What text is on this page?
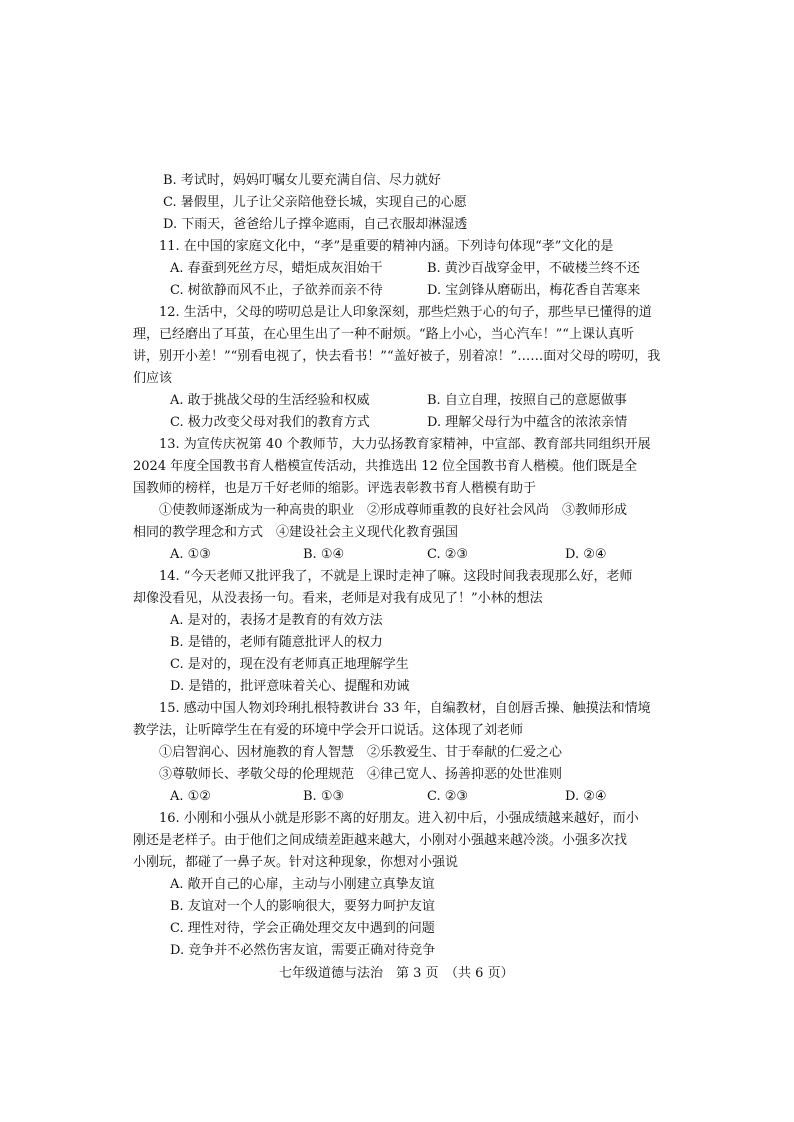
B. 考试时，妈妈叮嘱女儿要充满自信、尽力就好
C. 暑假里，儿子让父亲陪他登长城，实现自己的心愿
D. 下雨天，爸爸给儿子撑伞遮雨，自己衣服却淋湿透
11. 在中国的家庭文化中，“孝”是重要的精神内涵。下列诗句体现“孝”文化的是
A. 春蚕到死丝方尽，蜡炬成灰泪始干	B. 黄沙百战穿金甲，不破楼兰终不还
C. 树欲静而风不止，子欲养而亲不待	D. 宝剑锋从磨砺出，梅花香自苦寒来
12. 生活中，父母的唠叨总是让人印象深刻，那些烂熟于心的句子，那些早已懂得的道
理，已经磨出了耳茧，在心里生出了一种不耐烦。“路上小心，当心汽车！”“上课认真听
讲，别开小差！”“别看电视了，快去看书！”“盖好被子，别着凉！”……面对父母的唠叨，我
们应该
A. 敢于挑战父母的生活经验和权威	B. 自立自理，按照自己的意愿做事
C. 极力改变父母对我们的教育方式	D. 理解父母行为中蕴含的浓浓亲情
13. 为宣传庆祝第 40 个教师节，大力弘扬教育家精神，中宣部、教育部共同组织开展
2024 年度全国教书育人楷模宣传活动，共推选出 12 位全国教书育人楷模。他们既是全
国教师的榜样，也是万千好老师的缩影。评选表彰教书育人楷模有助于
①使教师逐渐成为一种高贵的职业　②形成尊师重教的良好社会风尚　③教师形成
相同的教学理念和方式　④建设社会主义现代化教育强国
A. ①③	B. ①④	C. ②③	D. ②④
14. “今天老师又批评我了，不就是上课时走神了嘛。这段时间我表现那么好，老师
却像没看见，从没表扬一句。看来，老师是对我有成见了！”小林的想法
A. 是对的，表扬才是教育的有效方法
B. 是错的，老师有随意批评人的权力
C. 是对的，现在没有老师真正地理解学生
D. 是错的，批评意味着关心、提醒和劝诫
15. 感动中国人物刘玲琍扎根特教讲台 33 年，自编教材，自创唇舌操、触摸法和情境
教学法，让听障学生在有爱的环境中学会开口说话。这体现了刘老师
①启智润心、因材施教的育人智慧　②乐教爱生、甘于奉献的仁爱之心
③尊敬师长、孝敬父母的伦理规范　④律己宽人、扬善抑恶的处世准则
A. ①②	B. ①③	C. ②③	D. ②④
16. 小刚和小强从小就是形影不离的好朋友。进入初中后，小强成绩越来越好，而小
刚还是老样子。由于他们之间成绩差距越来越大，小刚对小强越来越冷淡。小强多次找
小刚玩，都碰了一鼻子灰。针对这种现象，你想对小强说
A. 敞开自己的心扉，主动与小刚建立真挚友谊
B. 友谊对一个人的影响很大，要努力呵护友谊
C. 理性对待，学会正确处理交友中遇到的问题
D. 竞争并不必然伤害友谊，需要正确对待竞争
七年级道德与法治　第 3 页　（共 6 页）
